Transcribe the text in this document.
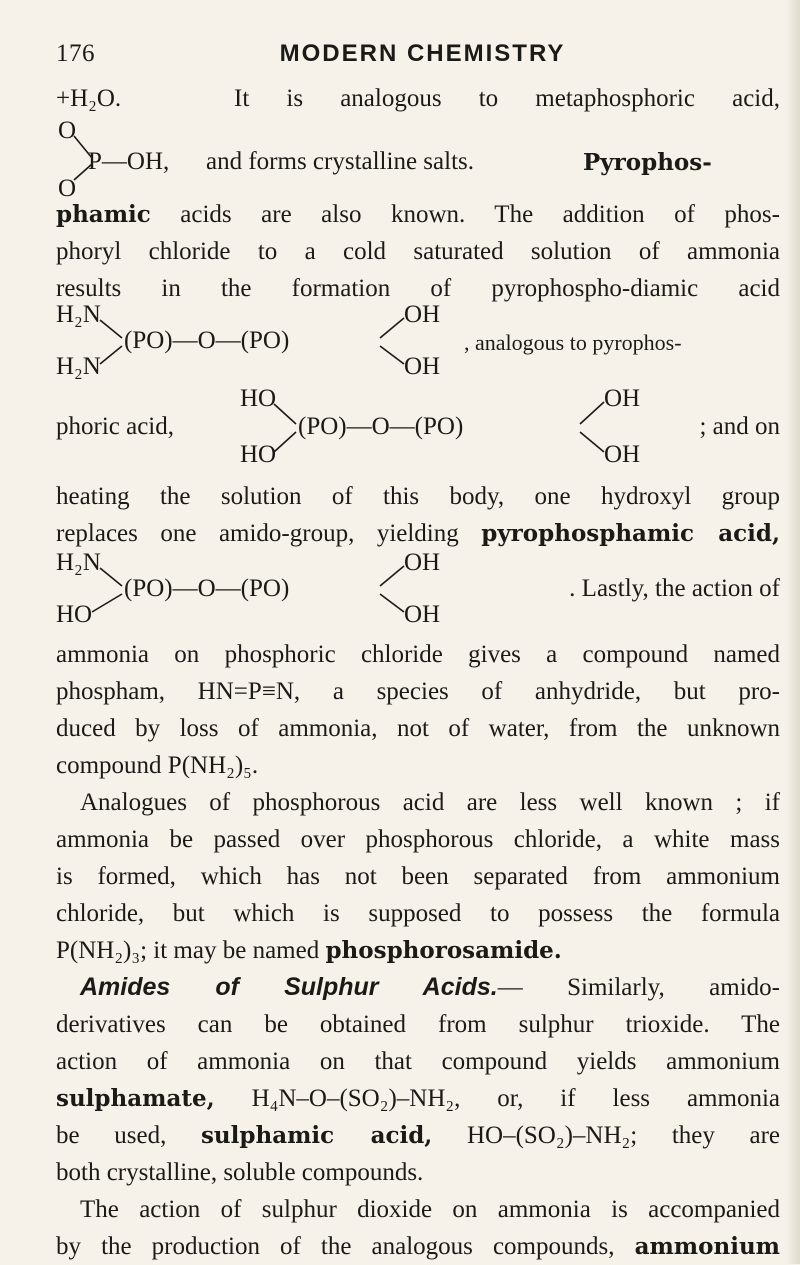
176	MODERN CHEMISTRY
+H₂O.	It is analogous to metaphosphoric acid,
O
O
P—OH, and forms crystalline salts.	Pyrophos-
phamic acids are also known. The addition of phos-
phoryl chloride to a cold saturated solution of ammonia
results in the formation of pyrophospho-diamic acid
H₂N
H₂N
(PO)—O—(PO)
OH
OH
, analogous to pyrophos-
phoric acid,
HO
HO
(PO)—O—(PO)
OH
OH
; and on
heating the solution of this body, one hydroxyl group
replaces one amido-group, yielding pyrophosphamic acid,
H₂N
HO
(PO)—O—(PO)
OH
OH
. Lastly, the action of
ammonia on phosphoric chloride gives a compound named
phospham, HN=P≡N, a species of anhydride, but pro-
duced by loss of ammonia, not of water, from the unknown
compound P(NH₂)₅.
Analogues of phosphorous acid are less well known ; if
ammonia be passed over phosphorous chloride, a white mass
is formed, which has not been separated from ammonium
chloride, but which is supposed to possess the formula
P(NH₂)₃; it may be named phosphorosamide.
Amides of Sulphur Acids.— Similarly, amido-
derivatives can be obtained from sulphur trioxide. The
action of ammonia on that compound yields ammonium
sulphamate, H₄N–O–(SO₂)–NH₂, or, if less ammonia
be used, sulphamic acid, HO–(SO₂)–NH₂; they are
both crystalline, soluble compounds.
The action of sulphur dioxide on ammonia is accompanied
by the production of the analogous compounds, ammonium
